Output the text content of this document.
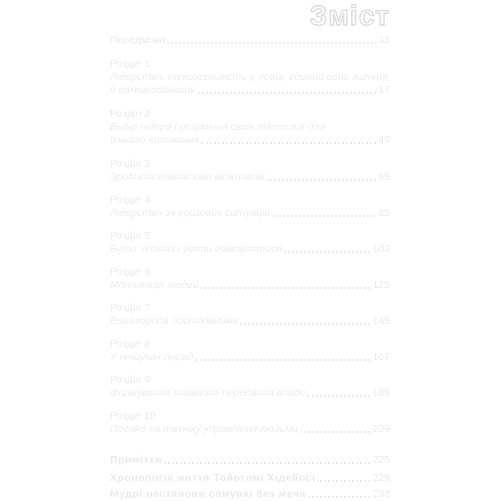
Зміст
Передмова	11
Розділ 1
Лідерство, наполегливість у праці, єдиний сенс життя
й самовідданість	17
Розділ 2
Вибір лідера і розуміння своїх підлеглих для
їхнього виховання	49
Розділ 3
Зробити неможливе можливим	65
Розділ 4
Лідерство за кризових ситуацій	85
Розділ 5
Бути чесним і уміти домовлятися	103
Розділ 6
Мотивація людей	125
Розділ 7
Винагорода послідовників	145
Розділ 8
У пошуках порад	167
Розділ 9
Формування плавного передання влади	189
Розділ 10
Погляд на техніку управління людьми	209
Примітки	225
Хронологія життя Тойотомі Хідейосі	229
Мудрі настанови самураї без меча	233
